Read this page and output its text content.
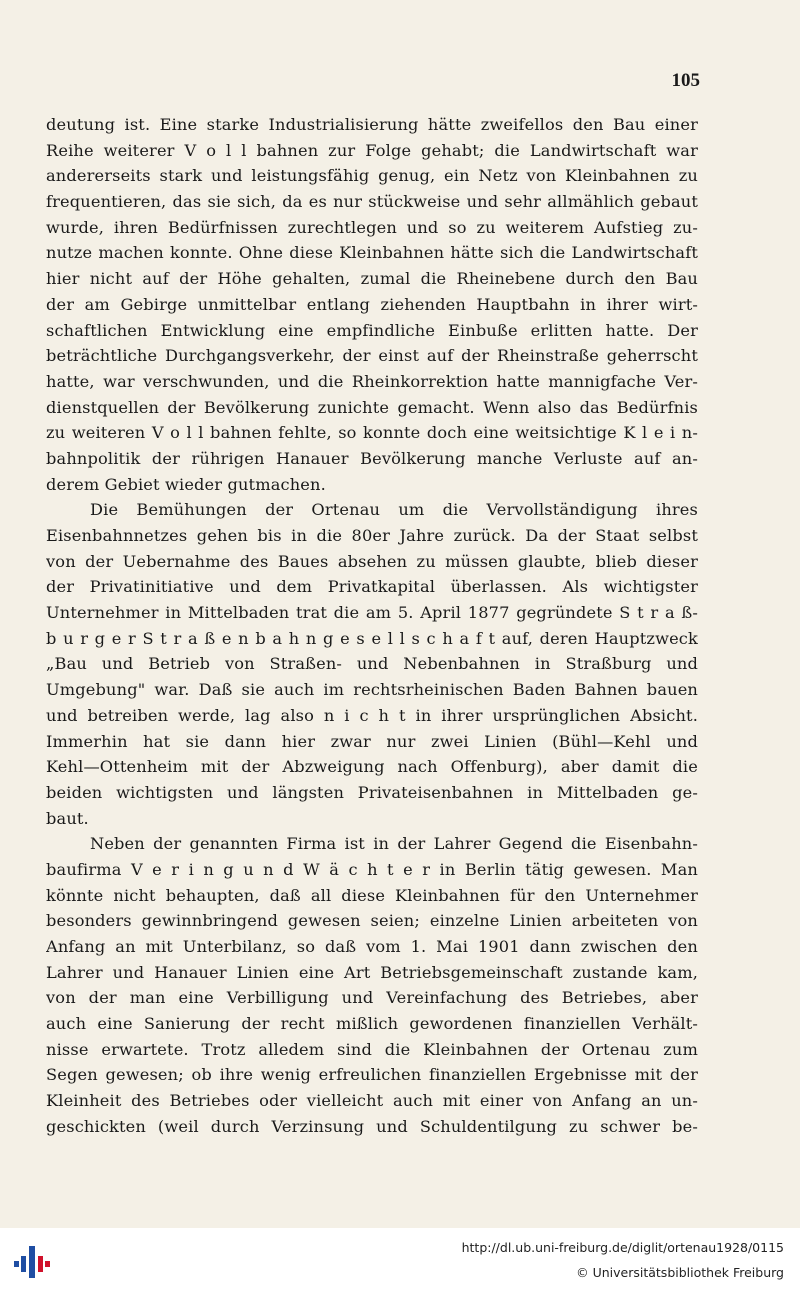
105
deutung ist. Eine starke Industrialisierung hätte zweifellos den Bau einer
Reihe weiterer V o l l bahnen zur Folge gehabt; die Landwirtschaft war
andererseits stark und leistungsfähig genug, ein Netz von Kleinbahnen zu
frequentieren, das sie sich, da es nur stückweise und sehr allmählich gebaut
wurde, ihren Bedürfnissen zurechtlegen und so zu weiterem Aufstieg zu-
nutze machen konnte. Ohne diese Kleinbahnen hätte sich die Landwirtschaft
hier nicht auf der Höhe gehalten, zumal die Rheinebene durch den Bau
der am Gebirge unmittelbar entlang ziehenden Hauptbahn in ihrer wirt-
schaftlichen Entwicklung eine empfindliche Einbuße erlitten hatte. Der
beträchtliche Durchgangsverkehr, der einst auf der Rheinstraße geherrscht
hatte, war verschwunden, und die Rheinkorrektion hatte mannigfache Ver-
dienstquellen der Bevölkerung zunichte gemacht. Wenn also das Bedürfnis
zu weiteren V o l l bahnen fehlte, so konnte doch eine weitsichtige K l e i n-
bahnpolitik der rührigen Hanauer Bevölkerung manche Verluste auf an-
derem Gebiet wieder gutmachen.
Die Bemühungen der Ortenau um die Vervollständigung ihres
Eisenbahnnetzes gehen bis in die 80er Jahre zurück. Da der Staat selbst
von der Uebernahme des Baues absehen zu müssen glaubte, blieb dieser
der Privatinitiative und dem Privatkapital überlassen. Als wichtigster
Unternehmer in Mittelbaden trat die am 5. April 1877 gegründete S t r a ß-
b u r g e r S t r a ß e n b a h n g e s e l l s c h a f t auf, deren Hauptzweck
„Bau und Betrieb von Straßen- und Nebenbahnen in Straßburg und
Umgebung" war. Daß sie auch im rechtsrheinischen Baden Bahnen bauen
und betreiben werde, lag also n i c h t in ihrer ursprünglichen Absicht.
Immerhin hat sie dann hier zwar nur zwei Linien (Bühl—Kehl und
Kehl—Ottenheim mit der Abzweigung nach Offenburg), aber damit die
beiden wichtigsten und längsten Privateisenbahnen in Mittelbaden ge-
baut.
Neben der genannten Firma ist in der Lahrer Gegend die Eisenbahn-
baufirma V e r i n g u n d W ä c h t e r in Berlin tätig gewesen. Man
könnte nicht behaupten, daß all diese Kleinbahnen für den Unternehmer
besonders gewinnbringend gewesen seien; einzelne Linien arbeiteten von
Anfang an mit Unterbilanz, so daß vom 1. Mai 1901 dann zwischen den
Lahrer und Hanauer Linien eine Art Betriebsgemeinschaft zustande kam,
von der man eine Verbilligung und Vereinfachung des Betriebes, aber
auch eine Sanierung der recht mißlich gewordenen finanziellen Verhält-
nisse erwartete. Trotz alledem sind die Kleinbahnen der Ortenau zum
Segen gewesen; ob ihre wenig erfreulichen finanziellen Ergebnisse mit der
Kleinheit des Betriebes oder vielleicht auch mit einer von Anfang an un-
geschickten (weil durch Verzinsung und Schuldentilgung zu schwer be-
http://dl.ub.uni-freiburg.de/diglit/ortenau1928/0115
© Universitätsbibliothek Freiburg
